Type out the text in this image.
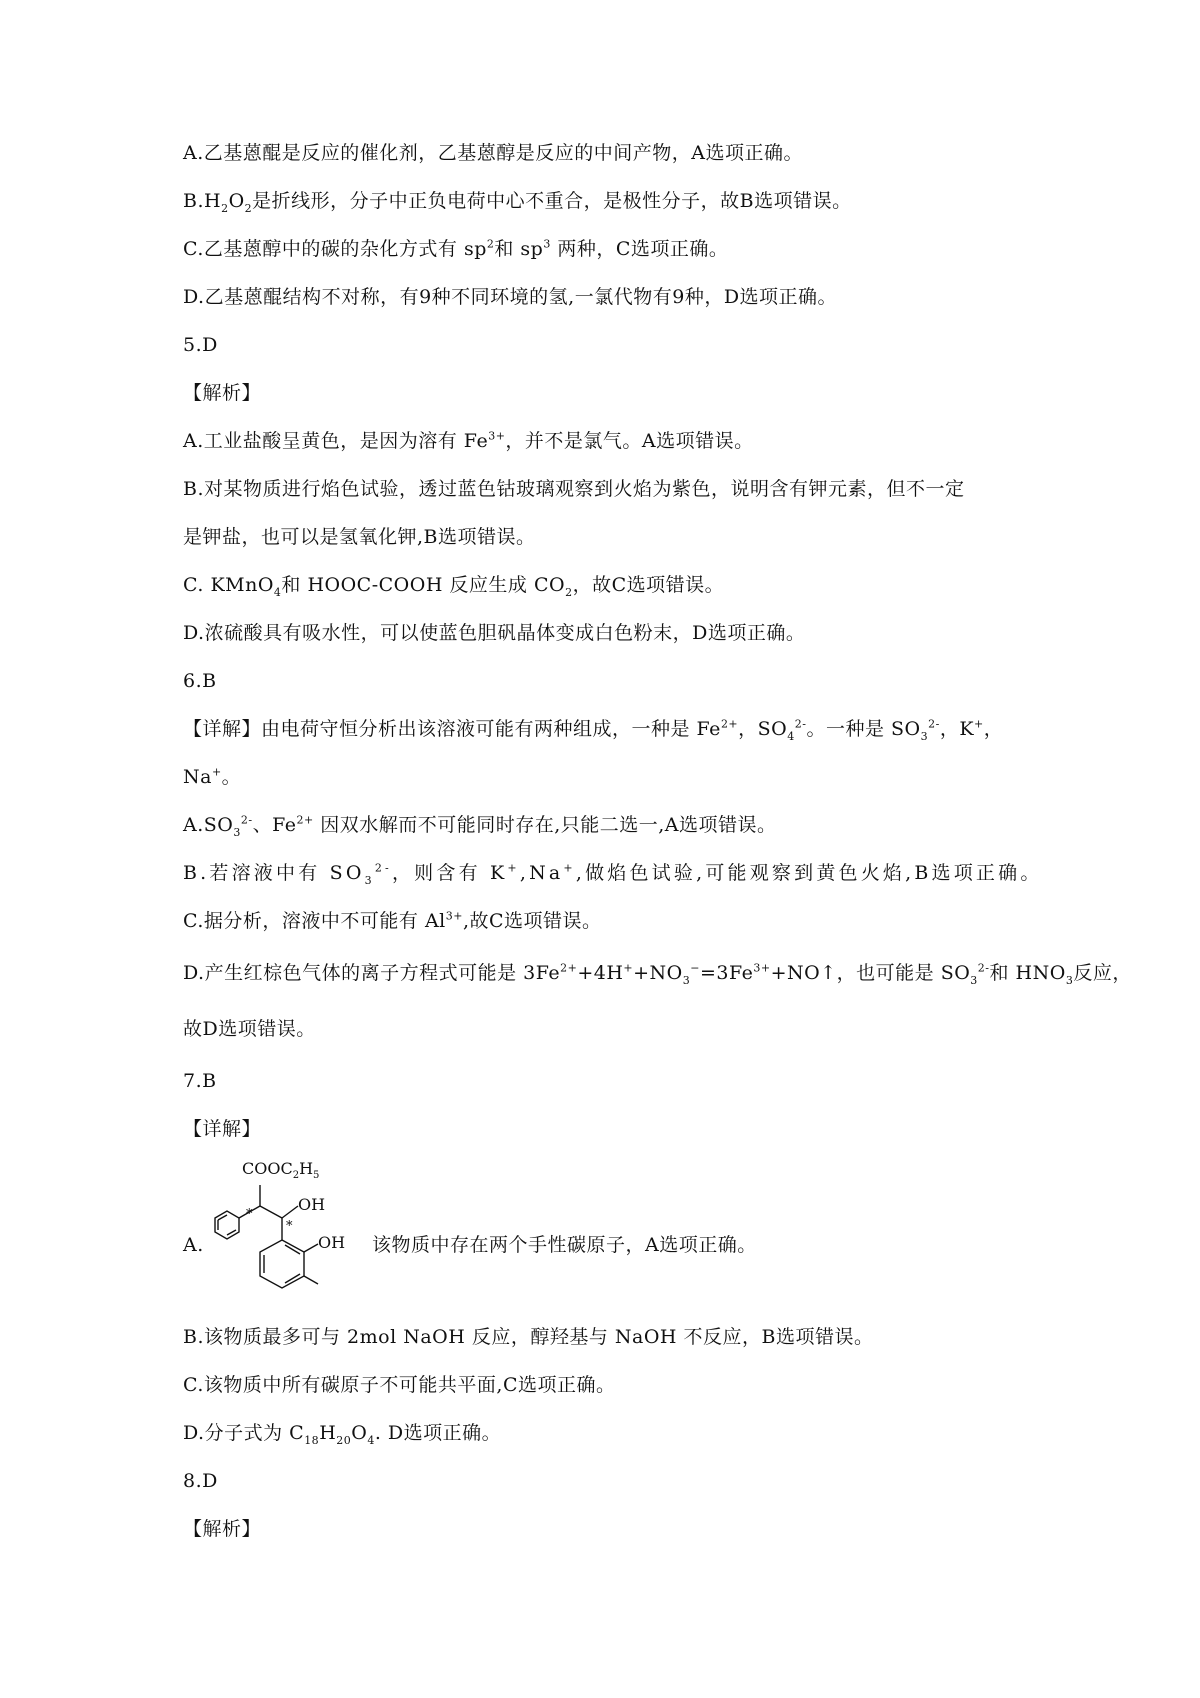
A.乙基蒽醌是反应的催化剂，乙基蒽醇是反应的中间产物，A选项正确。
$B.H_2O_2$是折线形，分子中正负电荷中心不重合，是极性分子，故B选项错误。
C.乙基蒽醇中的碳的杂化方式有 $sp^2$和 $sp^3$ 两种，C选项正确。
D.乙基蒽醌结构不对称，有9种不同环境的氢,一氯代物有9种，D选项正确。
5.D
【解析】
A.工业盐酸呈黄色，是因为溶有 $Fe^{3+}$，并不是氯气。A选项错误。
B.对某物质进行焰色试验，透过蓝色钴玻璃观察到火焰为紫色，说明含有钾元素，但不一定
是钾盐，也可以是氢氧化钾,B选项错误。
C. KMnO$_4$和 HOOC-COOH 反应生成 $CO_2$，故C选项错误。
D.浓硫酸具有吸水性，可以使蓝色胆矾晶体变成白色粉末，D选项正确。
6.B
【详解】由电荷守恒分析出该溶液可能有两种组成，一种是 $Fe^{2+}$，$SO_4^{2-}$。一种是 $SO_3^{2-}$，K+，
Na+。
$A.SO_3^{2-}$、$Fe^{2+}$ 因双水解而不可能同时存在,只能二选一,A选项错误。
B.若溶液中有 $SO_3^{2-}$，则含有 K+,Na+,做焰色试验,可能观察到黄色火焰,B选项正确。
C.据分析，溶液中不可能有 $Al^{3+}$,故C选项错误。
D.产生红棕色气体的离子方程式可能是 $3Fe^{2+}+4H^++NO_3^-=3Fe^{3+}+NO↑$，也可能是 $SO_3^{2-}$和 $HNO_3$反应，
故D选项错误。
7.B
【详解】
$COOC_2H_5$
OH
OH
*
*
A.	该物质中存在两个手性碳原子，A选项正确。
B.该物质最多可与 2mol NaOH 反应，醇羟基与 NaOH 不反应，B选项错误。
C.该物质中所有碳原子不可能共平面,C选项正确。
D.分子式为 $C_{18}H_{20}O_4$. D选项正确。
8.D
【解析】
